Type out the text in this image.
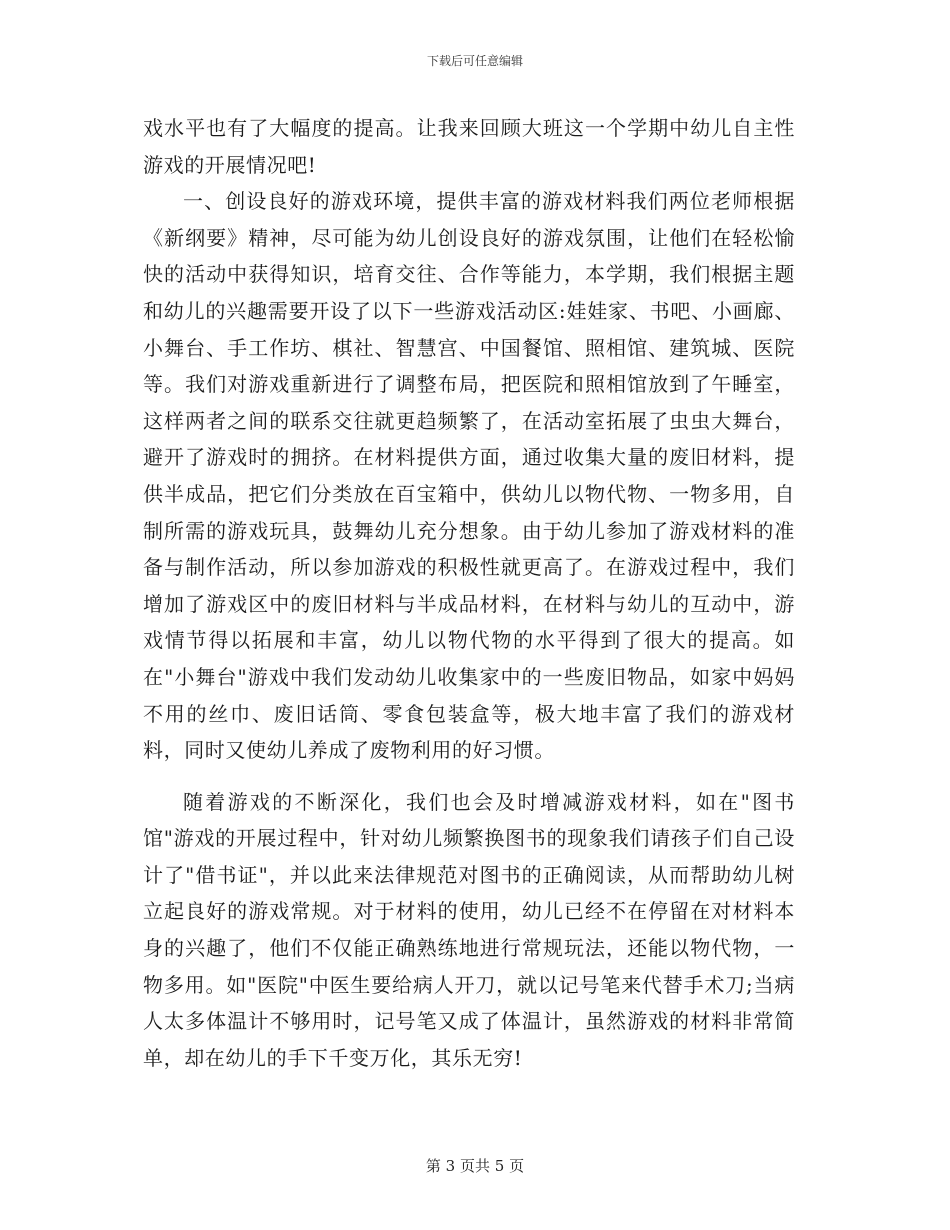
下载后可任意编辑

戏水平也有了大幅度的提高。让我来回顾大班这一个学期中幼儿自主性游戏的开展情况吧!

一、创设良好的游戏环境，提供丰富的游戏材料我们两位老师根据《新纲要》精神，尽可能为幼儿创设良好的游戏氛围，让他们在轻松愉快的活动中获得知识，培育交往、合作等能力，本学期，我们根据主题和幼儿的兴趣需要开设了以下一些游戏活动区:娃娃家、书吧、小画廊、小舞台、手工作坊、棋社、智慧宫、中国餐馆、照相馆、建筑城、医院等。我们对游戏重新进行了调整布局，把医院和照相馆放到了午睡室，这样两者之间的联系交往就更趋频繁了，在活动室拓展了虫虫大舞台，避开了游戏时的拥挤。在材料提供方面，通过收集大量的废旧材料，提供半成品，把它们分类放在百宝箱中，供幼儿以物代物、一物多用，自制所需的游戏玩具，鼓舞幼儿充分想象。由于幼儿参加了游戏材料的准备与制作活动，所以参加游戏的积极性就更高了。在游戏过程中，我们增加了游戏区中的废旧材料与半成品材料，在材料与幼儿的互动中，游戏情节得以拓展和丰富，幼儿以物代物的水平得到了很大的提高。如在"小舞台"游戏中我们发动幼儿收集家中的一些废旧物品，如家中妈妈不用的丝巾、废旧话筒、零食包装盒等，极大地丰富了我们的游戏材料，同时又使幼儿养成了废物利用的好习惯。

随着游戏的不断深化，我们也会及时增减游戏材料，如在"图书馆"游戏的开展过程中，针对幼儿频繁换图书的现象我们请孩子们自己设计了"借书证"，并以此来法律规范对图书的正确阅读，从而帮助幼儿树立起良好的游戏常规。对于材料的使用，幼儿已经不在停留在对材料本身的兴趣了，他们不仅能正确熟练地进行常规玩法，还能以物代物，一物多用。如"医院"中医生要给病人开刀，就以记号笔来代替手术刀;当病人太多体温计不够用时，记号笔又成了体温计，虽然游戏的材料非常简单，却在幼儿的手下千变万化，其乐无穷!

第 3 页共 5 页
